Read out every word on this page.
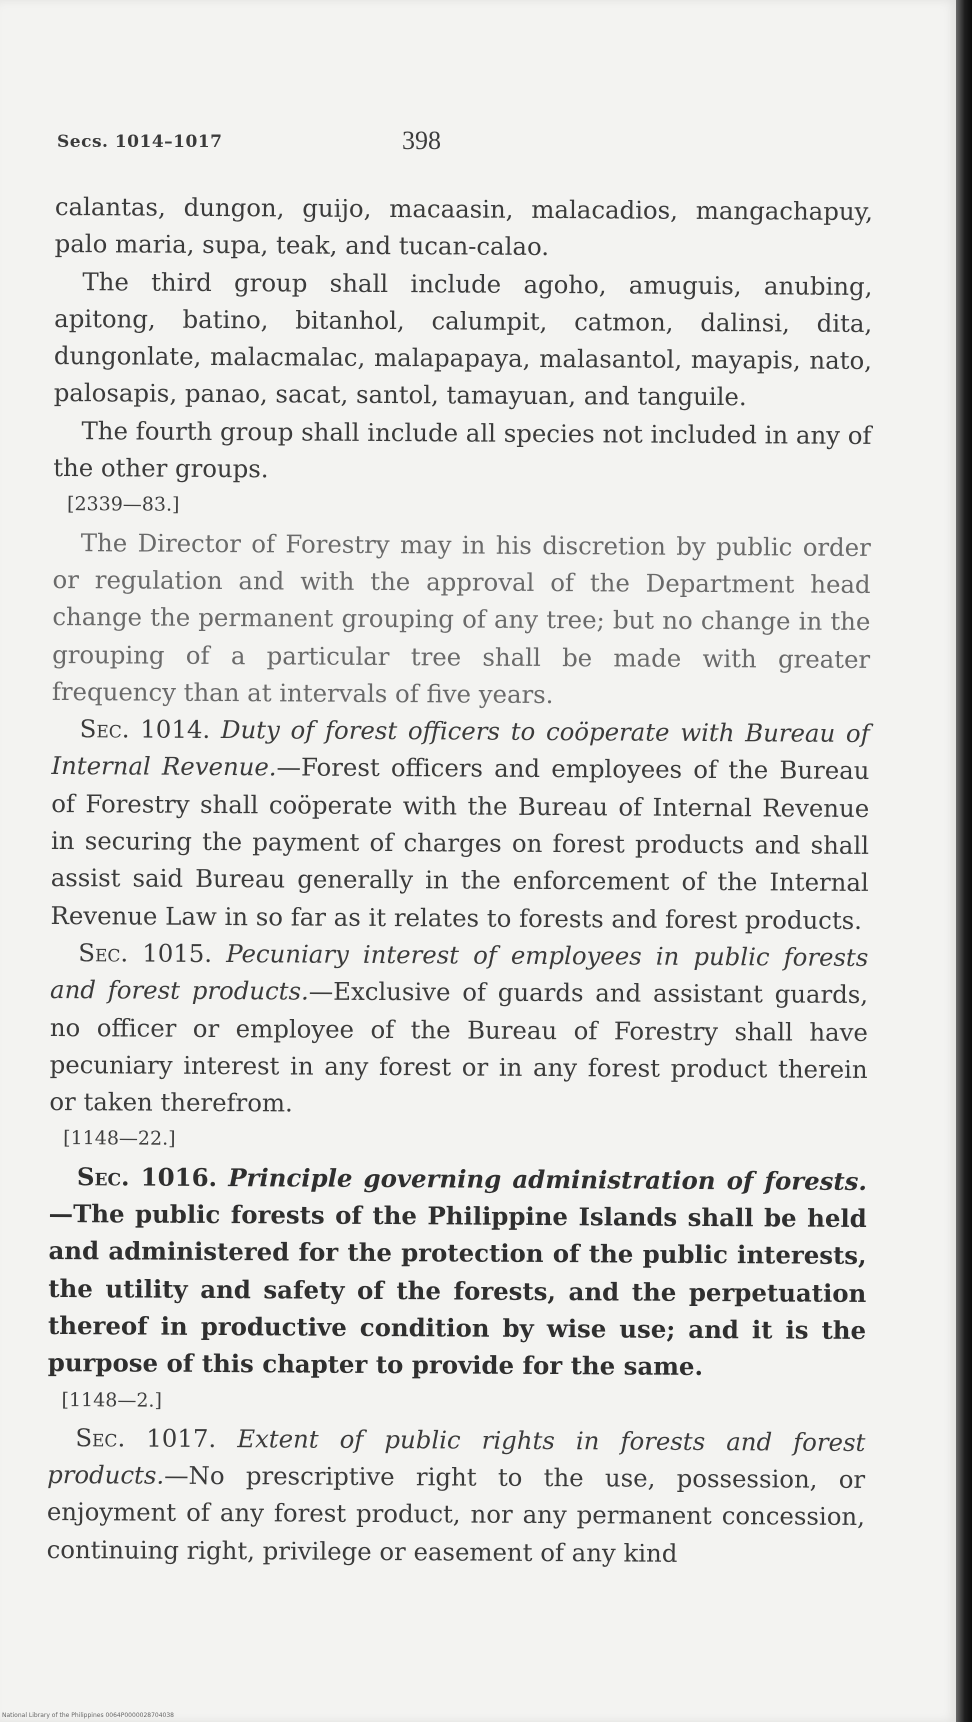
Secs. 1014–1017	398

calantas, dungon, guijo, macaasin, malacadios, mangachapuy, palo maria, supa, teak, and tucan-calao.

The third group shall include agoho, amuguis, anubing, apitong, batino, bitanhol, calumpit, catmon, dalinsi, dita, dungonlate, malacmalac, malapapaya, malasantol, mayapis, nato, palosapis, panao, sacat, santol, tamayuan, and tanguile.

The fourth group shall include all species not included in any of the other groups.

[2339—83.]

The Director of Forestry may in his discretion by public order or regulation and with the approval of the Department head change the permanent grouping of any tree; but no change in the grouping of a particular tree shall be made with greater frequency than at intervals of five years.

Sec. 1014. Duty of forest officers to coöperate with Bureau of Internal Revenue.—Forest officers and employees of the Bureau of Forestry shall coöperate with the Bureau of Internal Revenue in securing the payment of charges on forest products and shall assist said Bureau generally in the enforcement of the Internal Revenue Law in so far as it relates to forests and forest products.

Sec. 1015. Pecuniary interest of employees in public forests and forest products.—Exclusive of guards and assistant guards, no officer or employee of the Bureau of Forestry shall have pecuniary interest in any forest or in any forest product therein or taken therefrom.

[1148—22.]

Sec. 1016. Principle governing administration of forests.—The public forests of the Philippine Islands shall be held and administered for the protection of the public interests, the utility and safety of the forests, and the perpetuation thereof in productive condition by wise use; and it is the purpose of this chapter to provide for the same.

[1148—2.]

Sec. 1017. Extent of public rights in forests and forest products.—No prescriptive right to the use, possession, or enjoyment of any forest product, nor any permanent concession, continuing right, privilege or easement of any kind

National Library of the Philippines 0064P0000028704038
